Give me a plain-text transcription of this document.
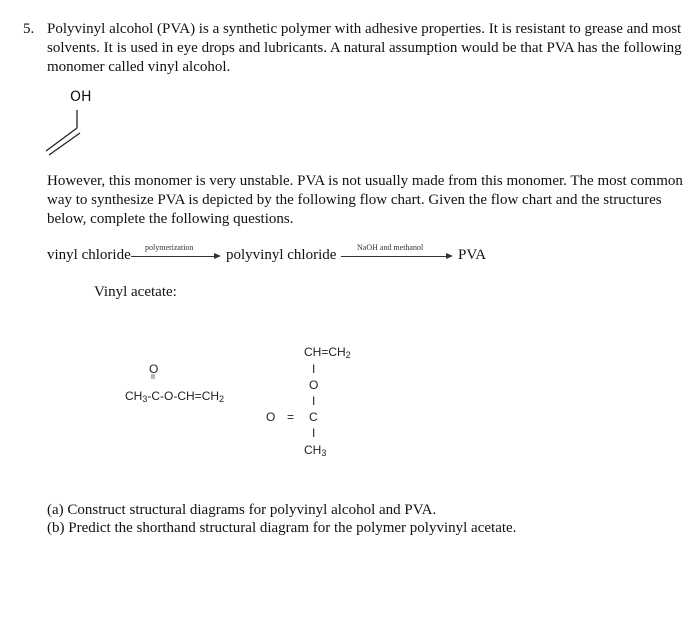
5. Polyvinyl alcohol (PVA) is a synthetic polymer with adhesive properties. It is resistant to grease and most
solvents. It is used in eye drops and lubricants. A natural assumption would be that PVA has the following
monomer called vinyl alcohol.
OH
However, this monomer is very unstable. PVA is not usually made from this monomer. The most common
way to synthesize PVA is depicted by the following flow chart. Given the flow chart and the structures
below, complete the following questions.
vinyl chloride polymerization polyvinyl chloride	NaOH and methanol PVA
Vinyl acetate:
O
II
$CH_3-C-O-CH=CH_2$
$CH=CH_2$
I
O
I
O = C
I
$CH_3$
(a) Construct structural diagrams for polyvinyl alcohol and PVA.
(b) Predict the shorthand structural diagram for the polymer polyvinyl acetate.
